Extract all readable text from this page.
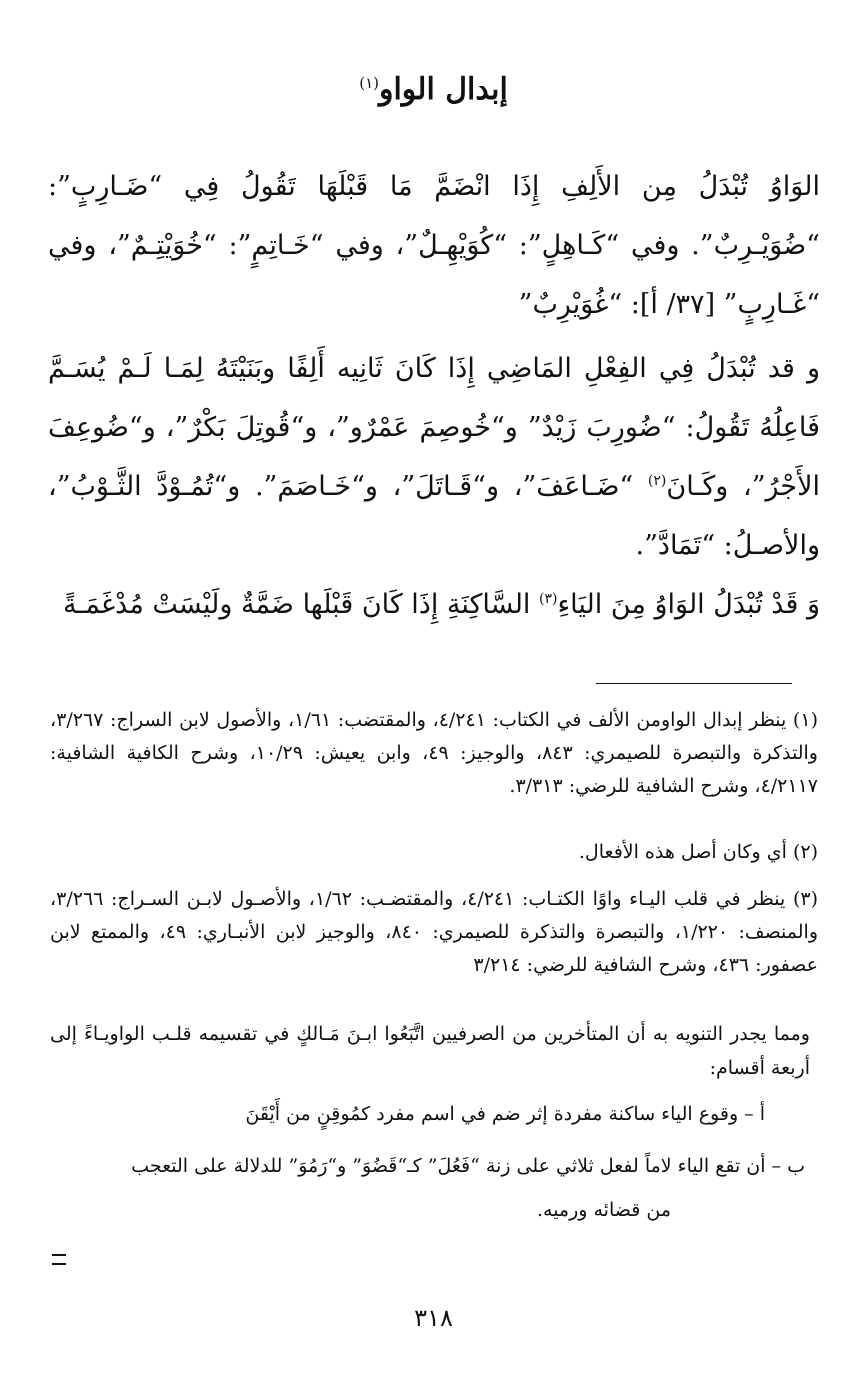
إبدال الواو$^{(١)}$
الوَاوُ تُبْدَلُ مِن الأَلِفِ إِذَا انْضَمَّ مَا قَبْلَهَا تَقُولُ فِي “ضَـارِبٍ”: “ضُوَيْـرِبٌ”. وفي “كَـاهِلٍ”: “كُوَيْهِـلٌ”، وفي “خَـاتِمٍ”: “خُوَيْتِـمٌ”، وفي “غَـارِبٍ” [٣٧/ أ]: “غُوَيْرِبٌ”
و قد تُبْدَلُ فِي الفِعْلِ المَاضِي إِذَا كَانَ ثَانِيه أَلِفًا وبَنَيْتَهُ لِمَـا لَـمْ يُسَـمَّ فَاعِلُهُ تَقُولُ: “ضُورِبَ زَيْدٌ” و“خُوصِمَ عَمْرٌو”، و“قُوتِلَ بَكْرٌ”، و“ضُوعِفَ الأَجْرُ”، وكَـانَ$^{(٢)}$ “ضَـاعَفَ”، و“قَـاتَلَ”، و“خَـاصَمَ”. و“تُمُـوْدَّ الثَّـوْبُ”، والأصـلُ: “تَمَادَّ”.
وَ قَدْ تُبْدَلُ الوَاوُ مِنَ اليَاءِ$^{(٣)}$ السَّاكِنَةِ إِذَا كَانَ قَبْلَها ضَمَّةٌ ولَيْسَتْ مُدْغَمَـةً

(١) ينظر إبدال الواومن الألف في الكتاب: ٤/٢٤١، والمقتضب: ١/٦١، والأصول لابن السراج: ٣/٢٦٧، والتذكرة والتبصرة للصيمري: ٨٤٣، والوجيز: ٤٩، وابن يعيش: ١٠/٢٩، وشرح الكافية الشافية: ٤/٢١١٧، وشرح الشافية للرضي: ٣/٣١٣.

(٢) أي وكان أصل هذه الأفعال.

(٣) ينظر في قلب اليـاء واوًا الكتـاب: ٤/٢٤١، والمقتضـب: ١/٦٢، والأصـول لابـن السـراج: ٣/٢٦٦، والمنصف: ١/٢٢٠، والتبصرة والتذكرة للصيمري: ٨٤٠، والوجيز لابن الأنبـاري: ٤٩، والممتع لابن عصفور: ٤٣٦، وشرح الشافية للرضي: ٣/٢١٤

ومما يجدر التنويه به أن المتأخرين من الصرفيين اتَّبَعُوا ابـنَ مَـالكٍ في تقسيمه قلـب الواويـاءً إلى أربعة أقسام:
أ – وقوع الياء ساكنة مفردة إثر ضم في اسم مفرد كمُوقِنٍ من أَيْقَنَ
ب – أن تقع الياء لاماً لفعل ثلاثي على زنة “فَعُلَ” كـ“قَضُوَ” و“رَمُوَ” للدلالة على التعجب
من قضائه ورميه.
٣١٨
